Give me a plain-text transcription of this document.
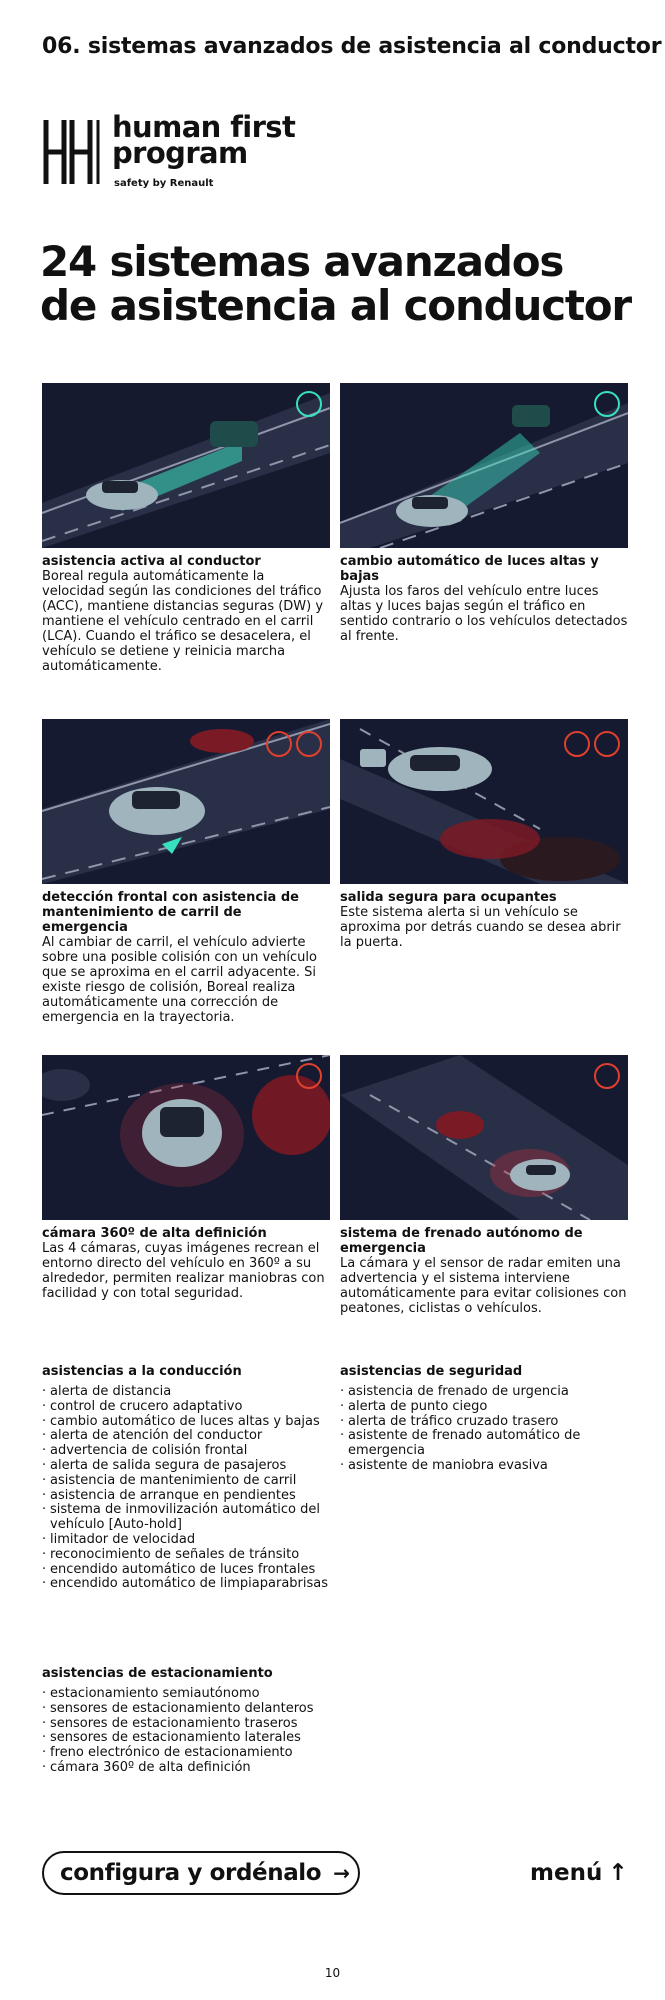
06. sistemas avanzados de asistencia al conductor
human first
program
safety by Renault
24 sistemas avanzados
de asistencia al conductor
asistencia activa al conductor
Boreal regula automáticamente la velocidad según las condiciones del tráfico (ACC), mantiene distancias seguras (DW) y mantiene el vehículo centrado en el carril (LCA). Cuando el tráfico se desacelera, el vehículo se detiene y reinicia marcha automáticamente.
cambio automático de luces altas y bajas
Ajusta los faros del vehículo entre luces altas y luces bajas según el tráfico en sentido contrario o los vehículos detectados al frente.
detección frontal con asistencia de mantenimiento de carril de emergencia
Al cambiar de carril, el vehículo advierte sobre una posible colisión con un vehículo que se aproxima en el carril adyacente. Si existe riesgo de colisión, Boreal realiza automáticamente una corrección de emergencia en la trayectoria.
salida segura para ocupantes
Este sistema alerta si un vehículo se aproxima por detrás cuando se desea abrir la puerta.
cámara 360º de alta definición
Las 4 cámaras, cuyas imágenes recrean el entorno directo del vehículo en 360º a su alrededor, permiten realizar maniobras con facilidad y con total seguridad.
sistema de frenado autónomo de emergencia
La cámara y el sensor de radar emiten una advertencia y el sistema interviene automáticamente para evitar colisiones con peatones, ciclistas o vehículos.
asistencias a la conducción
· alerta de distancia
· control de crucero adaptativo
· cambio automático de luces altas y bajas
· alerta de atención del conductor
· advertencia de colisión frontal
· alerta de salida segura de pasajeros
· asistencia de mantenimiento de carril
· asistencia de arranque en pendientes
· sistema de inmovilización automático del vehículo [Auto-hold]
· limitador de velocidad
· reconocimiento de señales de tránsito
· encendido automático de luces frontales
· encendido automático de limpiaparabrisas
asistencias de seguridad
· asistencia de frenado de urgencia
· alerta de punto ciego
· alerta de tráfico cruzado trasero
· asistente de frenado automático de emergencia
· asistente de maniobra evasiva
asistencias de estacionamiento
· estacionamiento semiautónomo
· sensores de estacionamiento delanteros
· sensores de estacionamiento traseros
· sensores de estacionamiento laterales
· freno electrónico de estacionamiento
· cámara 360º de alta definición
configura y ordénalo →	menú ↑
10
